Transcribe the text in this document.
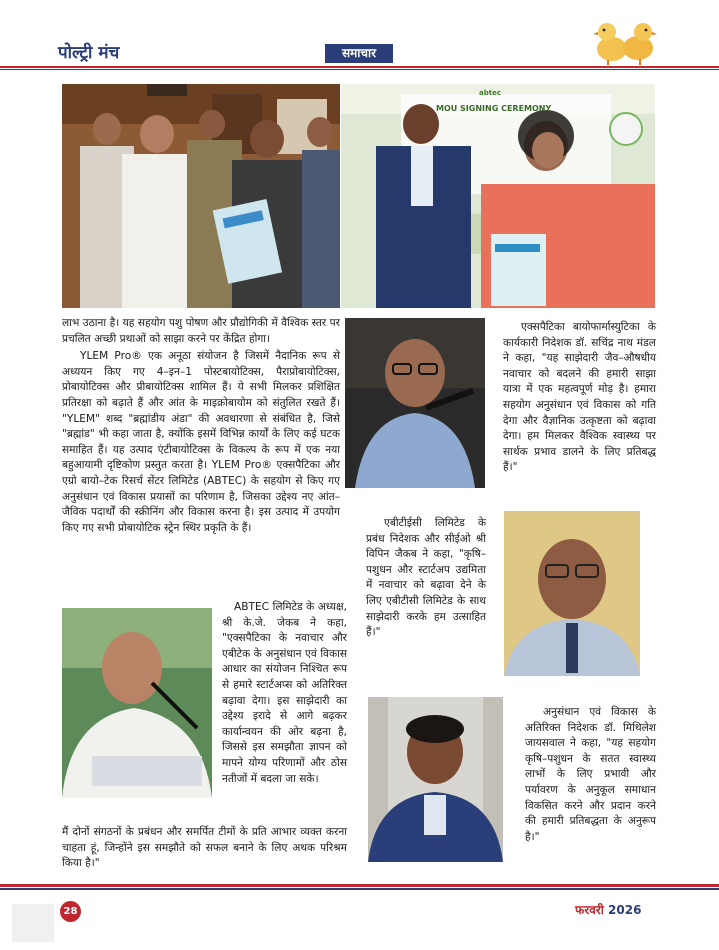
पोल्ट्री मंच	समाचार
MOU SIGNING CEREMONY
abtec

लाभ उठाना है। यह सहयोग पशु पोषण और प्रौद्योगिकी में वैश्विक स्तर पर प्रचलित अच्छी प्रथाओं को साझा करने पर केंद्रित होगा।

YLEM Pro® एक अनूठा संयोजन है जिसमें नैदानिक रूप से अध्ययन किए गए 4–इन–1 पोस्टबायोटिक्स, पैराप्रोबायोटिक्स, प्रोबायोटिक्स और प्रीबायोटिक्स शामिल हैं। ये सभी मिलकर प्रशिक्षित प्रतिरक्षा को बढ़ाते हैं और आंत के माइक्रोबायोम को संतुलित रखते हैं। "YLEM" शब्द "ब्रह्मांडीय अंडा" की अवधारणा से संबंधित है, जिसे "ब्रह्मांड" भी कहा जाता है, क्योंकि इसमें विभिन्न कार्यों के लिए कई घटक समाहित हैं। यह उत्पाद एंटीबायोटिक्स के विकल्प के रूप में एक नया बहुआयामी दृष्टिकोण प्रस्तुत करता है। YLEM Pro® एक्सपैटिका और एग्रो बायो–टेक रिसर्च सेंटर लिमिटेड (ABTEC) के सहयोग से किए गए अनुसंधान एवं विकास प्रयासों का परिणाम है, जिसका उद्देश्य नए आंत–जैविक पदार्थों की स्क्रीनिंग और विकास करना है। इस उत्पाद में उपयोग किए गए सभी प्रोबायोटिक स्ट्रेन स्थिर प्रकृति के हैं।

एक्सपैटिका बायोफार्मास्युटिका के कार्यकारी निदेशक डॉ. सचिंद्र नाथ मंडल ने कहा, "यह साझेदारी जैव–औषधीय नवाचार को बदलने की हमारी साझा यात्रा में एक महत्वपूर्ण मोड़ है। हमारा सहयोग अनुसंधान एवं विकास को गति देगा और वैज्ञानिक उत्कृष्टता को बढ़ावा देगा। हम मिलकर वैश्विक स्वास्थ्य पर सार्थक प्रभाव डालने के लिए प्रतिबद्ध हैं।"
एबीटीईसी लिमिटेड के प्रबंध निदेशक और सीईओ श्री विपिन जैकब ने कहा, "कृषि– पशुधन और स्टार्टअप उद्यमिता में नवाचार को बढ़ावा देने के लिए एबीटीसी लिमिटेड के साथ साझेदारी करके हम उत्साहित हैं।"
ABTEC लिमिटेड के अध्यक्ष, श्री के.जे. जेकब ने कहा, "एक्सपैटिका के नवाचार और एबीटेक के अनुसंधान एवं विकास आधार का संयोजन निश्चित रूप से हमारे स्टार्टअप्स को अतिरिक्त बढ़ावा देगा। इस साझेदारी का उद्देश्य इरादे से आगे बढ़कर कार्यान्वयन की ओर बढ़ना है, जिससे इस समझौता ज्ञापन को मापने योग्य परिणामों और ठोस नतीजों में बदला जा सके।
मैं दोनों संगठनों के प्रबंधन और समर्पित टीमों के प्रति आभार व्यक्त करना चाहता हूं, जिन्होंने इस समझौते को सफल बनाने के लिए अथक परिश्रम किया है।"
अनुसंधान एवं विकास के अतिरिक्त निदेशक डॉ. मिथिलेश जायसवाल ने कहा, "यह सहयोग कृषि–पशुधन के सतत स्वास्थ्य लाभों के लिए प्रभावी और पर्यावरण के अनुकूल समाधान विकसित करने और प्रदान करने की हमारी प्रतिबद्धता के अनुरूप है।"
28	फरवरी 2026
